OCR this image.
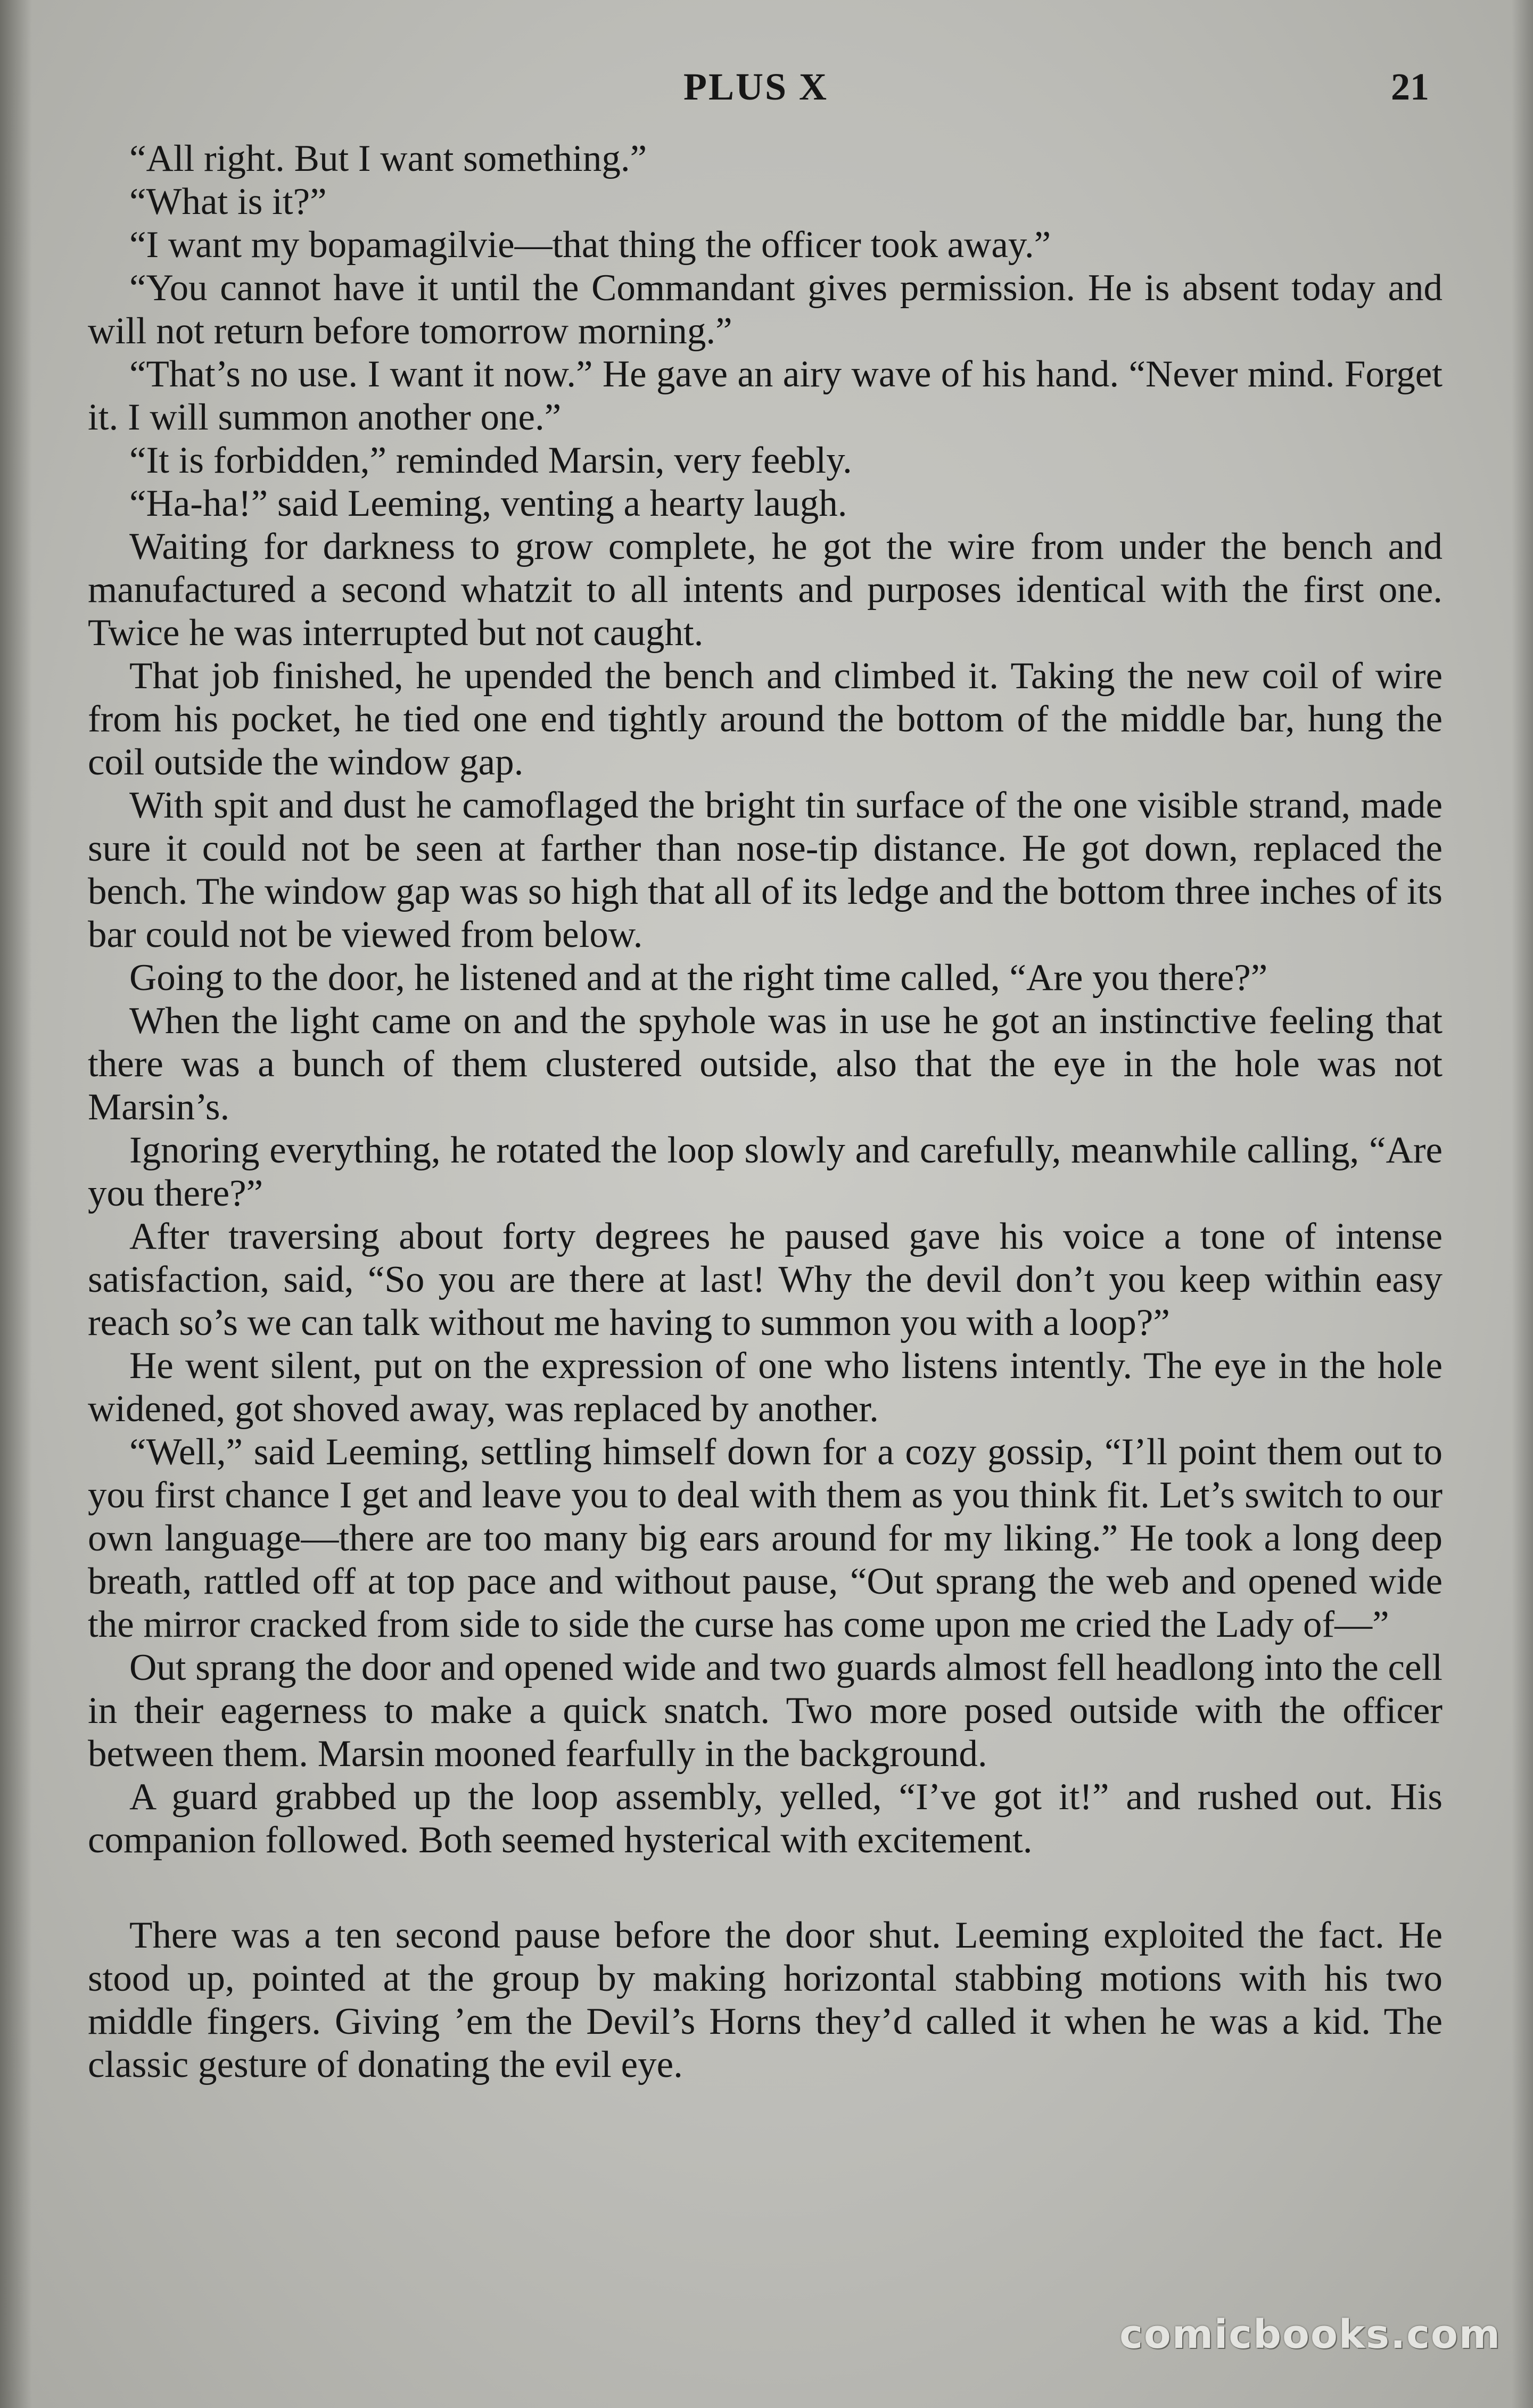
PLUS X	21

“All right. But I want something.”

“What is it?”

“I want my bopamagilvie—that thing the officer took away.”

“You cannot have it until the Commandant gives permission. He is absent today and will not return before tomorrow morning.”

“That’s no use. I want it now.” He gave an airy wave of his hand. “Never mind. Forget it. I will summon another one.”

“It is forbidden,” reminded Marsin, very feebly.

“Ha-ha!” said Leeming, venting a hearty laugh.

Waiting for darkness to grow complete, he got the wire from under the bench and manufactured a second whatzit to all intents and purposes identical with the first one. Twice he was interrupted but not caught.

That job finished, he upended the bench and climbed it. Taking the new coil of wire from his pocket, he tied one end tightly around the bottom of the middle bar, hung the coil outside the window gap.

With spit and dust he camoflaged the bright tin surface of the one visible strand, made sure it could not be seen at farther than nose-tip distance. He got down, replaced the bench. The window gap was so high that all of its ledge and the bottom three inches of its bar could not be viewed from below.

Going to the door, he listened and at the right time called, “Are you there?”

When the light came on and the spyhole was in use he got an instinctive feeling that there was a bunch of them clustered outside, also that the eye in the hole was not Marsin’s.

Ignoring everything, he rotated the loop slowly and carefully, meanwhile calling, “Are you there?”

After traversing about forty degrees he paused gave his voice a tone of intense satisfaction, said, “So you are there at last! Why the devil don’t you keep within easy reach so’s we can talk without me having to summon you with a loop?”

He went silent, put on the expression of one who listens intently. The eye in the hole widened, got shoved away, was replaced by another.

“Well,” said Leeming, settling himself down for a cozy gossip, “I’ll point them out to you first chance I get and leave you to deal with them as you think fit. Let’s switch to our own language—there are too many big ears around for my liking.” He took a long deep breath, rattled off at top pace and without pause, “Out sprang the web and opened wide the mirror cracked from side to side the curse has come upon me cried the Lady of—”

Out sprang the door and opened wide and two guards almost fell headlong into the cell in their eagerness to make a quick snatch. Two more posed outside with the officer between them. Marsin mooned fearfully in the background.

A guard grabbed up the loop assembly, yelled, “I’ve got it!” and rushed out. His companion followed. Both seemed hysterical with excitement.

There was a ten second pause before the door shut. Leeming exploited the fact. He stood up, pointed at the group by making horizontal stabbing motions with his two middle fingers. Giving ’em the Devil’s Horns they’d called it when he was a kid. The classic gesture of donating the evil eye.

comicbooks.com
